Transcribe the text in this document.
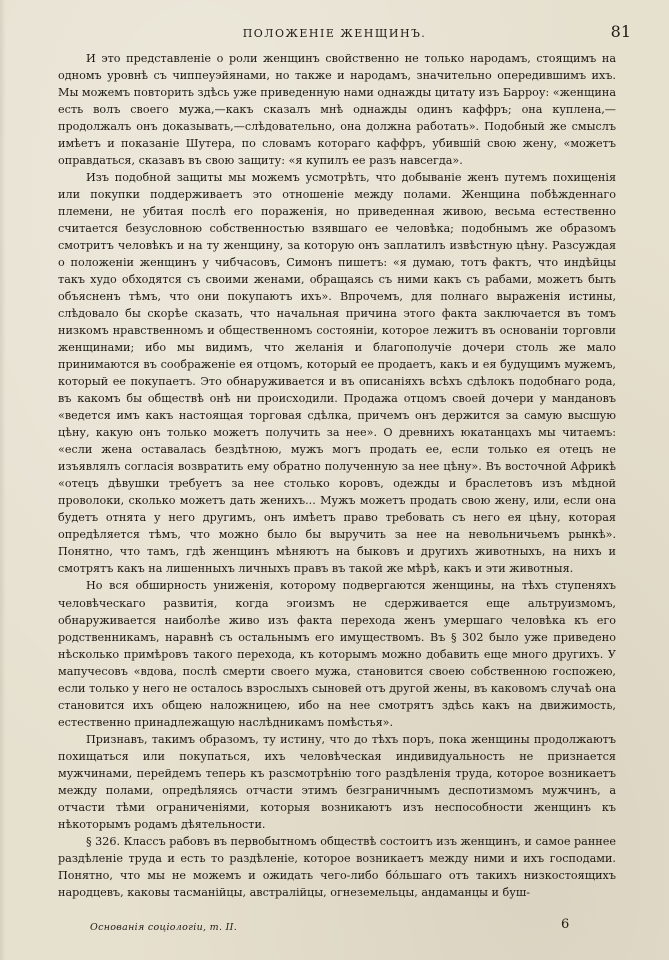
ПОЛОЖЕНІЕ ЖЕНЩИНЪ.	81

И это представленіе о роли женщинъ свойственно не только народамъ, стоящимъ на одномъ уровнѣ съ чиппеуэйянами, но также и народамъ, значительно опередившимъ ихъ. Мы можемъ повторить здѣсь уже приведенную нами однажды цитату изъ Барроу: «женщина есть волъ своего мужа,—какъ сказалъ мнѣ однажды одинъ каффръ; она куплена,—продолжалъ онъ доказывать,—слѣдовательно, она должна работать». Подобный же смыслъ имѣетъ и показаніе Шутера, по словамъ котораго каффръ, убившій свою жену, «можетъ оправдаться, сказавъ въ свою защиту: «я купилъ ее разъ навсегда».

Изъ подобной защиты мы можемъ усмотрѣть, что добываніе женъ путемъ похищенія или покупки поддерживаетъ это отношеніе между полами. Женщина побѣжденнаго племени, не убитая послѣ его пораженія, но приведенная живою, весьма естественно считается безусловною собственностью взявшаго ее человѣка; подобнымъ же образомъ смотритъ человѣкъ и на ту женщину, за которую онъ заплатилъ извѣстную цѣну. Разсуждая о положеніи женщинъ у чибчасовъ, Симонъ пишетъ: «я думаю, тотъ фактъ, что индѣйцы такъ худо обходятся съ своими женами, обращаясь съ ними какъ съ рабами, можетъ быть объясненъ тѣмъ, что они покупаютъ ихъ». Впрочемъ, для полнаго выраженія истины, слѣдовало бы скорѣе сказать, что начальная причина этого факта заключается въ томъ низкомъ нравственномъ и общественномъ состояніи, которое лежитъ въ основаніи торговли женщинами; ибо мы видимъ, что желанія и благополучіе дочери столь же мало принимаются въ соображеніе ея отцомъ, который ее продаетъ, какъ и ея будущимъ мужемъ, который ее покупаетъ. Это обнаруживается и въ описаніяхъ всѣхъ сдѣлокъ подобнаго рода, въ какомъ бы обществѣ онѣ ни происходили. Продажа отцомъ своей дочери у мандановъ «ведется имъ какъ настоящая торговая сдѣлка, причемъ онъ держится за самую высшую цѣну, какую онъ только можетъ получить за нее». О древнихъ юкатанцахъ мы читаемъ: «если жена оставалась бездѣтною, мужъ могъ продать ее, если только ея отецъ не изъявлялъ согласія возвратить ему обратно полученную за нее цѣну». Въ восточной Африкѣ «отецъ дѣвушки требуетъ за нее столько коровъ, одежды и браслетовъ изъ мѣдной проволоки, сколько можетъ дать женихъ... Мужъ можетъ продать свою жену, или, если она будетъ отнята у него другимъ, онъ имѣетъ право требовать съ него ея цѣну, которая опредѣляется тѣмъ, что можно было бы выручить за нее на невольничьемъ рынкѣ». Понятно, что тамъ, гдѣ женщинъ мѣняютъ на быковъ и другихъ животныхъ, на нихъ и смотрятъ какъ на лишенныхъ личныхъ правъ въ такой же мѣрѣ, какъ и эти животныя.

Но вся обширность униженія, которому подвергаются женщины, на тѣхъ ступеняхъ человѣческаго развитія, когда эгоизмъ не сдерживается еще альтруизмомъ, обнаруживается наиболѣе живо изъ факта перехода женъ умершаго человѣка къ его родственникамъ, наравнѣ съ остальнымъ его имуществомъ. Въ § 302 было уже приведено нѣсколько примѣровъ такого перехода, къ которымъ можно добавить еще много другихъ. У мапучесовъ «вдова, послѣ смерти своего мужа, становится своею собственною госпожею, если только у него не осталось взрослыхъ сыновей отъ другой жены, въ каковомъ случаѣ она становится ихъ общею наложницею, ибо на нее смотрятъ здѣсь какъ на движимость, естественно принадлежащую наслѣдникамъ помѣстья».

Признавъ, такимъ образомъ, ту истину, что до тѣхъ поръ, пока женщины продолжаютъ похищаться или покупаться, ихъ человѣческая индивидуальность не признается мужчинами, перейдемъ теперь къ разсмотрѣнію того раздѣленія труда, которое возникаетъ между полами, опредѣляясь отчасти этимъ безграничнымъ деспотизмомъ мужчинъ, а отчасти тѣми ограниченіями, которыя возникаютъ изъ неспособности женщинъ къ нѣкоторымъ родамъ дѣятельности.

§ 326. Классъ рабовъ въ первобытномъ обществѣ состоитъ изъ женщинъ, и самое раннее раздѣленіе труда и есть то раздѣленіе, которое возникаетъ между ними и ихъ господами. Понятно, что мы не можемъ и ожидать чего-либо бо́льшаго отъ такихъ низкостоящихъ народцевъ, каковы тасманійцы, австралійцы, огнеземельцы, андаманцы и буш-

Основанія соціологіи, т. II.	6
